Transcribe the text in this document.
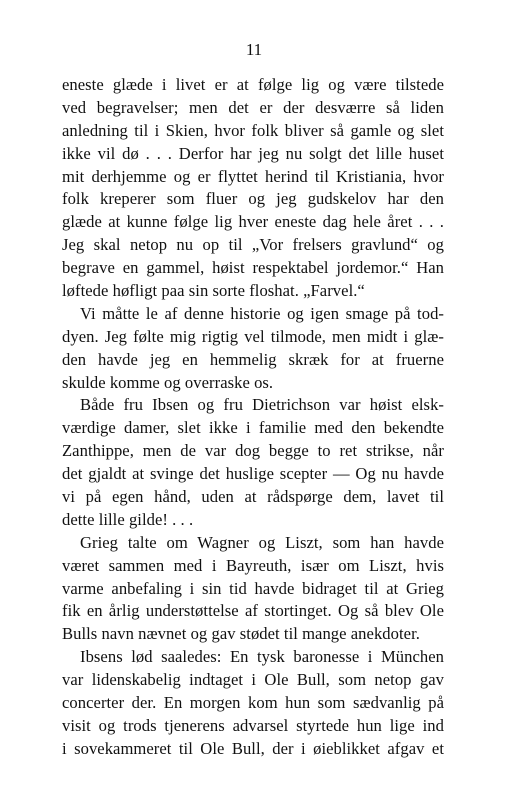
11
eneste glæde i livet er at følge lig og være tilstede
ved begravelser; men det er der desværre så liden
anledning til i Skien, hvor folk bliver så gamle og slet
ikke vil dø . . . Derfor har jeg nu solgt det lille huset
mit derhjemme og er flyttet herind til Kristiania, hvor
folk kreperer som fluer og jeg gudskelov har den
glæde at kunne følge lig hver eneste dag hele året . . .
Jeg skal netop nu op til „Vor frelsers gravlund“ og
begrave en gammel, høist respektabel jordemor.“ Han
løftede høfligt paa sin sorte floshat. „Farvel.“
Vi måtte le af denne historie og igen smage på tod-
dyen. Jeg følte mig rigtig vel tilmode, men midt i glæ-
den havde jeg en hemmelig skræk for at fruerne
skulde komme og overraske os.
Både fru Ibsen og fru Dietrichson var høist elsk-
værdige damer, slet ikke i familie med den bekendte
Zanthippe, men de var dog begge to ret strikse, når
det gjaldt at svinge det huslige scepter — Og nu havde
vi på egen hånd, uden at rådspørge dem, lavet til
dette lille gilde! . . .
Grieg talte om Wagner og Liszt, som han havde
været sammen med i Bayreuth, især om Liszt, hvis
varme anbefaling i sin tid havde bidraget til at Grieg
fik en årlig understøttelse af stortinget. Og så blev Ole
Bulls navn nævnet og gav stødet til mange anekdoter.
Ibsens lød saaledes: En tysk baronesse i München
var lidenskabelig indtaget i Ole Bull, som netop gav
concerter der. En morgen kom hun som sædvanlig på
visit og trods tjenerens advarsel styrtede hun lige ind
i sovekammeret til Ole Bull, der i øieblikket afgav et
